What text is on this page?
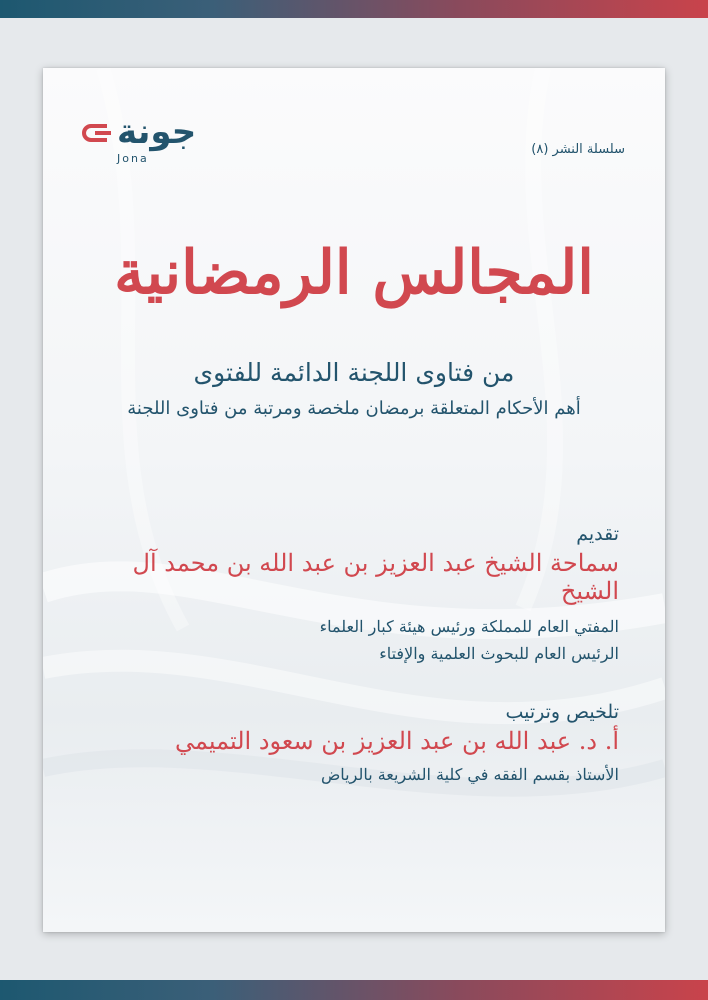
جونة
Jona
سلسلة النشر (٨)
المجالس الرمضانية
من فتاوى اللجنة الدائمة للفتوى
أهم الأحكام المتعلقة برمضان ملخصة ومرتبة من فتاوى اللجنة
تقديم
سماحة الشيخ عبد العزيز بن عبد الله بن محمد آل الشيخ
المفتي العام للمملكة ورئيس هيئة كبار العلماء
الرئيس العام للبحوث العلمية والإفتاء
تلخيص وترتيب
أ. د. عبد الله بن عبد العزيز بن سعود التميمي
الأستاذ بقسم الفقه في كلية الشريعة بالرياض
